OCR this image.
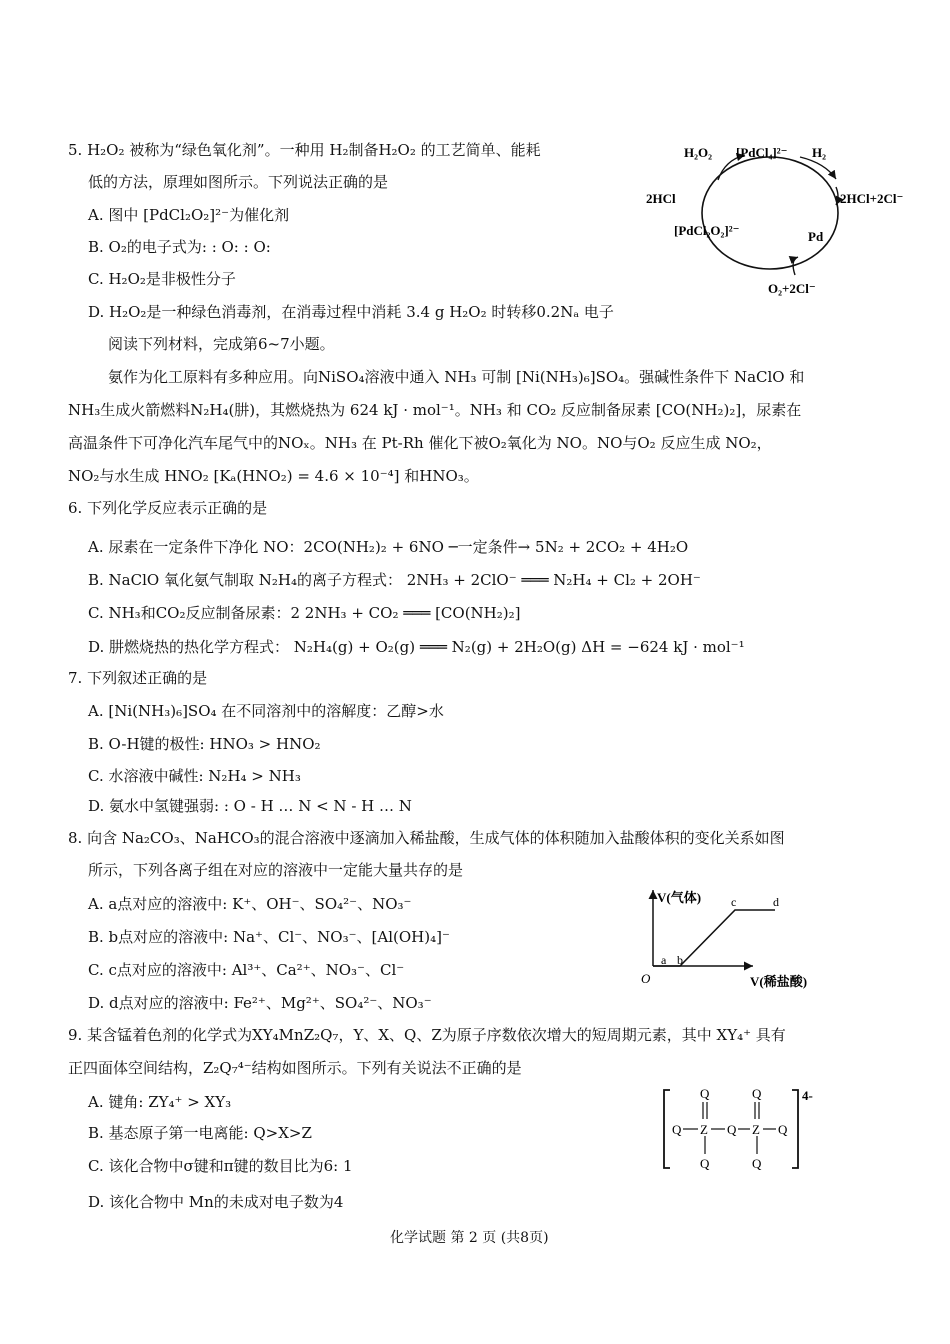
5. H₂O₂ 被称为“绿色氧化剂”。一种用 H₂制备H₂O₂ 的工艺简单、能耗
低的方法，原理如图所示。下列说法正确的是
A. 图中 [PdCl₂O₂]²⁻为催化剂
B. O₂的电子式为: : O: : O:
C. H₂O₂是非极性分子
D. H₂O₂是一种绿色消毒剂，在消毒过程中消耗 3.4 g H₂O₂ 时转移0.2Nₐ 电子
H₂O₂ [PdCl₄]²⁻ H₂
2HCl	2HCl+2Cl⁻
[PdCl₂O₂]²⁻	Pd
O₂+2Cl⁻
阅读下列材料，完成第6~7小题。
氨作为化工原料有多种应用。向NiSO₄溶液中通入 NH₃ 可制 [Ni(NH₃)₆]SO₄。强碱性条件下 NaClO 和
NH₃生成火箭燃料N₂H₄(肼)，其燃烧热为 624 kJ · mol⁻¹。NH₃ 和 CO₂ 反应制备尿素 [CO(NH₂)₂]，尿素在
高温条件下可净化汽车尾气中的NOₓ。NH₃ 在 Pt-Rh 催化下被O₂氧化为 NO。NO与O₂ 反应生成 NO₂，
NO₂与水生成 HNO₂ [Kₐ(HNO₂) = 4.6 × 10⁻⁴] 和HNO₃。
6. 下列化学反应表示正确的是
A. 尿素在一定条件下净化 NO：2CO(NH₂)₂ + 6NO ─一定条件→ 5N₂ + 2CO₂ + 4H₂O
B. NaClO 氧化氨气制取 N₂H₄的离子方程式： 2NH₃ + 2ClO⁻ ═══ N₂H₄ + Cl₂ + 2OH⁻
C. NH₃和CO₂反应制备尿素：2 2NH₃ + CO₂ ═══ [CO(NH₂)₂]
D. 肼燃烧热的热化学方程式： N₂H₄(g) + O₂(g) ═══ N₂(g) + 2H₂O(g) ΔH = −624 kJ · mol⁻¹
7. 下列叙述正确的是
A. [Ni(NH₃)₆]SO₄ 在不同溶剂中的溶解度：乙醇>水
B. O-H键的极性: HNO₃ > HNO₂
C. 水溶液中碱性: N₂H₄ > NH₃
D. 氨水中氢键强弱: : O - H … N < N - H … N
8. 向含 Na₂CO₃、NaHCO₃的混合溶液中逐滴加入稀盐酸，生成气体的体积随加入盐酸体积的变化关系如图
所示，下列各离子组在对应的溶液中一定能大量共存的是
A. a点对应的溶液中: K⁺、OH⁻、SO₄²⁻、NO₃⁻
B. b点对应的溶液中: Na⁺、Cl⁻、NO₃⁻、[Al(OH)₄]⁻
C. c点对应的溶液中: Al³⁺、Ca²⁺、NO₃⁻、Cl⁻
D. d点对应的溶液中: Fe²⁺、Mg²⁺、SO₄²⁻、NO₃⁻
V(气体)
V(稀盐酸)
O
a b
c	d
9. 某含锰着色剂的化学式为XY₄MnZ₂Q₇，Y、X、Q、Z为原子序数依次增大的短周期元素，其中 XY₄⁺ 具有
正四面体空间结构，Z₂Q₇⁴⁻结构如图所示。下列有关说法不正确的是
A. 键角: ZY₄⁺ > XY₃
B. 基态原子第一电离能: Q>X>Z
C. 该化合物中σ键和π键的数目比为6: 1
D. 该化合物中 Mn的未成对电子数为4
4-
Q Z Q Z Q
Q	Q
Q	Q
化学试题 第 2 页 (共8页)
